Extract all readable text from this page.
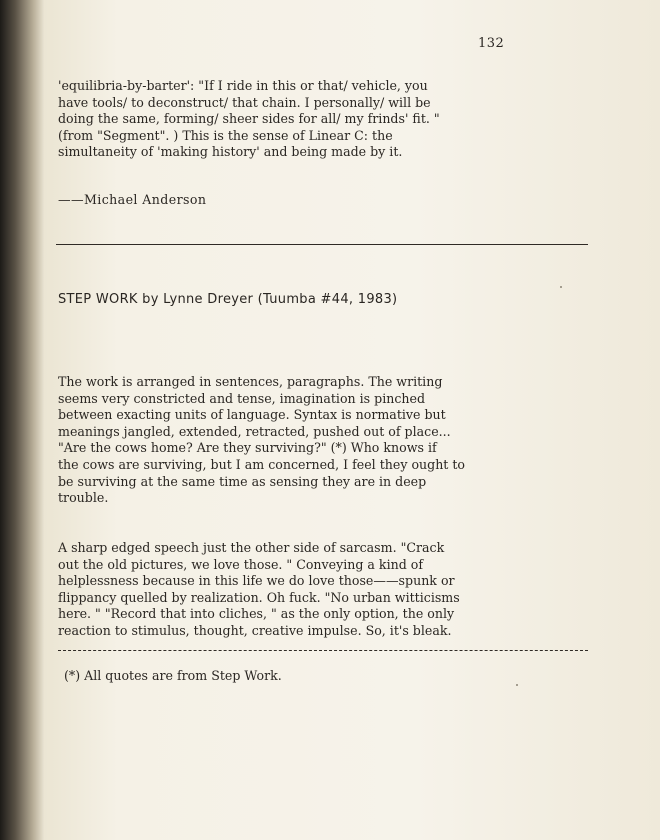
132
'equilibria-by-barter': "If I ride in this or that/ vehicle, you
have tools/ to deconstruct/ that chain. I personally/ will be
doing the same, forming/ sheer sides for all/ my frinds' fit. "
(from "Segment". ) This is the sense of Linear C: the
simultaneity of 'making history' and being made by it.
——Michael Anderson
STEP WORK by Lynne Dreyer (Tuumba #44, 1983)
The work is arranged in sentences, paragraphs. The writing
seems very constricted and tense, imagination is pinched
between exacting units of language. Syntax is normative but
meanings jangled, extended, retracted, pushed out of place...
"Are the cows home? Are they surviving?" (*) Who knows if
the cows are surviving, but I am concerned, I feel they ought to
be surviving at the same time as sensing they are in deep
trouble.
A sharp edged speech just the other side of sarcasm. "Crack
out the old pictures, we love those. " Conveying a kind of
helplessness because in this life we do love those——spunk or
flippancy quelled by realization. Oh fuck. "No urban witticisms
here. " "Record that into cliches, " as the only option, the only
reaction to stimulus, thought, creative impulse. So, it's bleak.
(*) All quotes are from Step Work.
